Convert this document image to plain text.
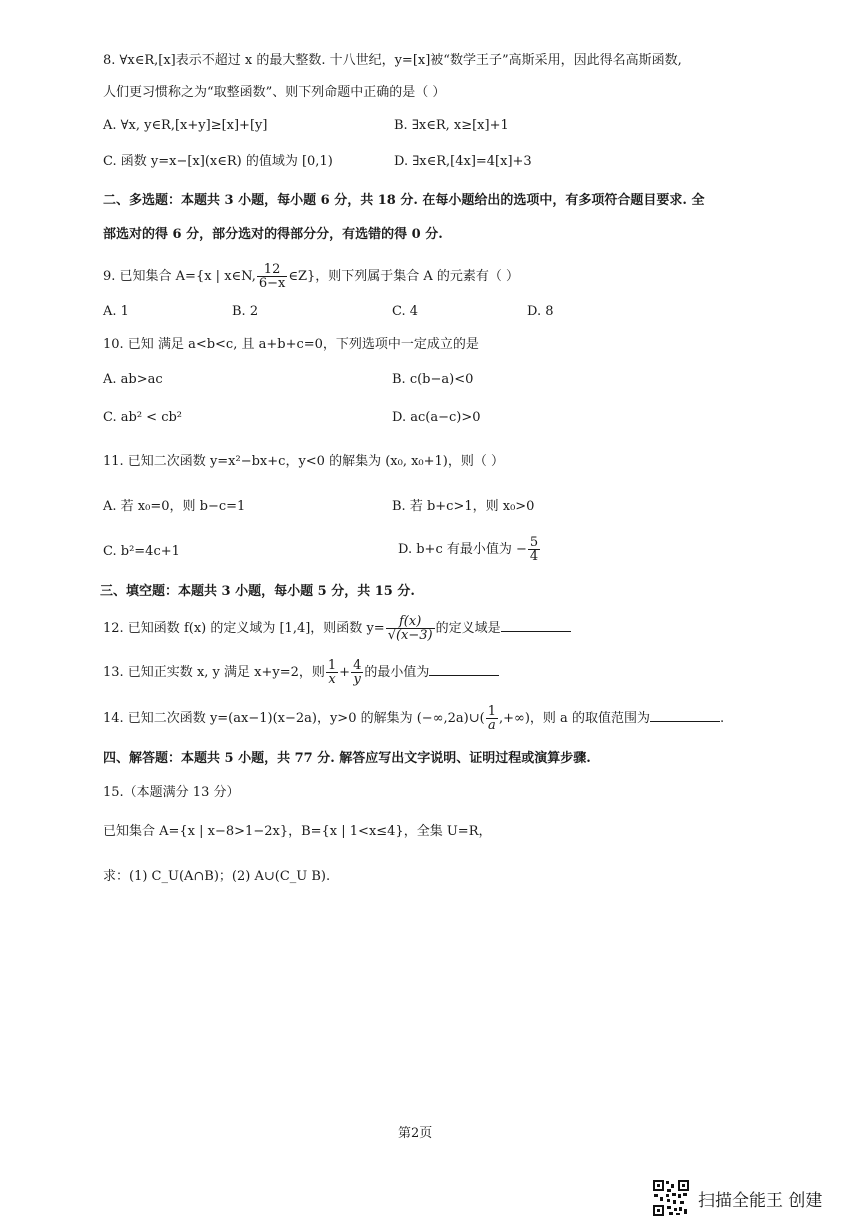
8. ∀x∈R,[x]表示不超过 x 的最大整数. 十八世纪，y=[x]被“数学王子”高斯采用，因此得名高斯函数,
人们更习惯称之为“取整函数”、则下列命题中正确的是（ ）
A. ∀x, y∈R,[x+y]≥[x]+[y]	B. ∃x∈R, x≥[x]+1
C. 函数 y=x−[x](x∈R) 的值域为 [0,1)	D. ∃x∈R,[4x]=4[x]+3
二、多选题：本题共 3 小题，每小题 6 分，共 18 分. 在每小题给出的选项中，有多项符合题目要求. 全
部选对的得 6 分，部分选对的得部分分，有选错的得 0 分.
9. 已知集合 A={x | x∈N, $\frac{12}{6-x}$ ∈Z}，则下列属于集合 A 的元素有（ ）
A. 1	B. 2	C. 4	D. 8
10. 已知 满足 a<b<c, 且 a+b+c=0，下列选项中一定成立的是
A. ab>ac	B. c(b−a)<0
C. ab² < cb²	D. ac(a−c)>0
11. 已知二次函数 y=x²−bx+c，y<0 的解集为 (x₀, x₀+1)，则（ ）
A. 若 x₀=0，则 b−c=1	B. 若 b+c>1，则 x₀>0
C. b²=4c+1	D. b+c 有最小值为 − $\frac{5}{4}$
三、填空题：本题共 3 小题，每小题 5 分，共 15 分.
12. 已知函数 f(x) 的定义域为 [1,4]，则函数 $y= \frac{f(x)}{√(x-3)}$ 的定义域是
13. 已知正实数 x, y 满足 x+y=2，则 $\frac{1}{x} + \frac{4}{y}$ 的最小值为
14. 已知二次函数 y=(ax−1)(x−2a)，y>0 的解集为 (−∞,2a)∪( $\frac{1}{a}$ ,+∞)，则 a 的取值范围为	.
四、解答题：本题共 5 小题，共 77 分. 解答应写出文字说明、证明过程或演算步骤.
15.（本题满分 13 分）
已知集合 A={x | x−8>1−2x}，B={x | 1<x≤4}，全集 U=R，
求：(1) C_U(A∩B)；(2) A∪(C_U B).
第2页
扫描全能王 创建
